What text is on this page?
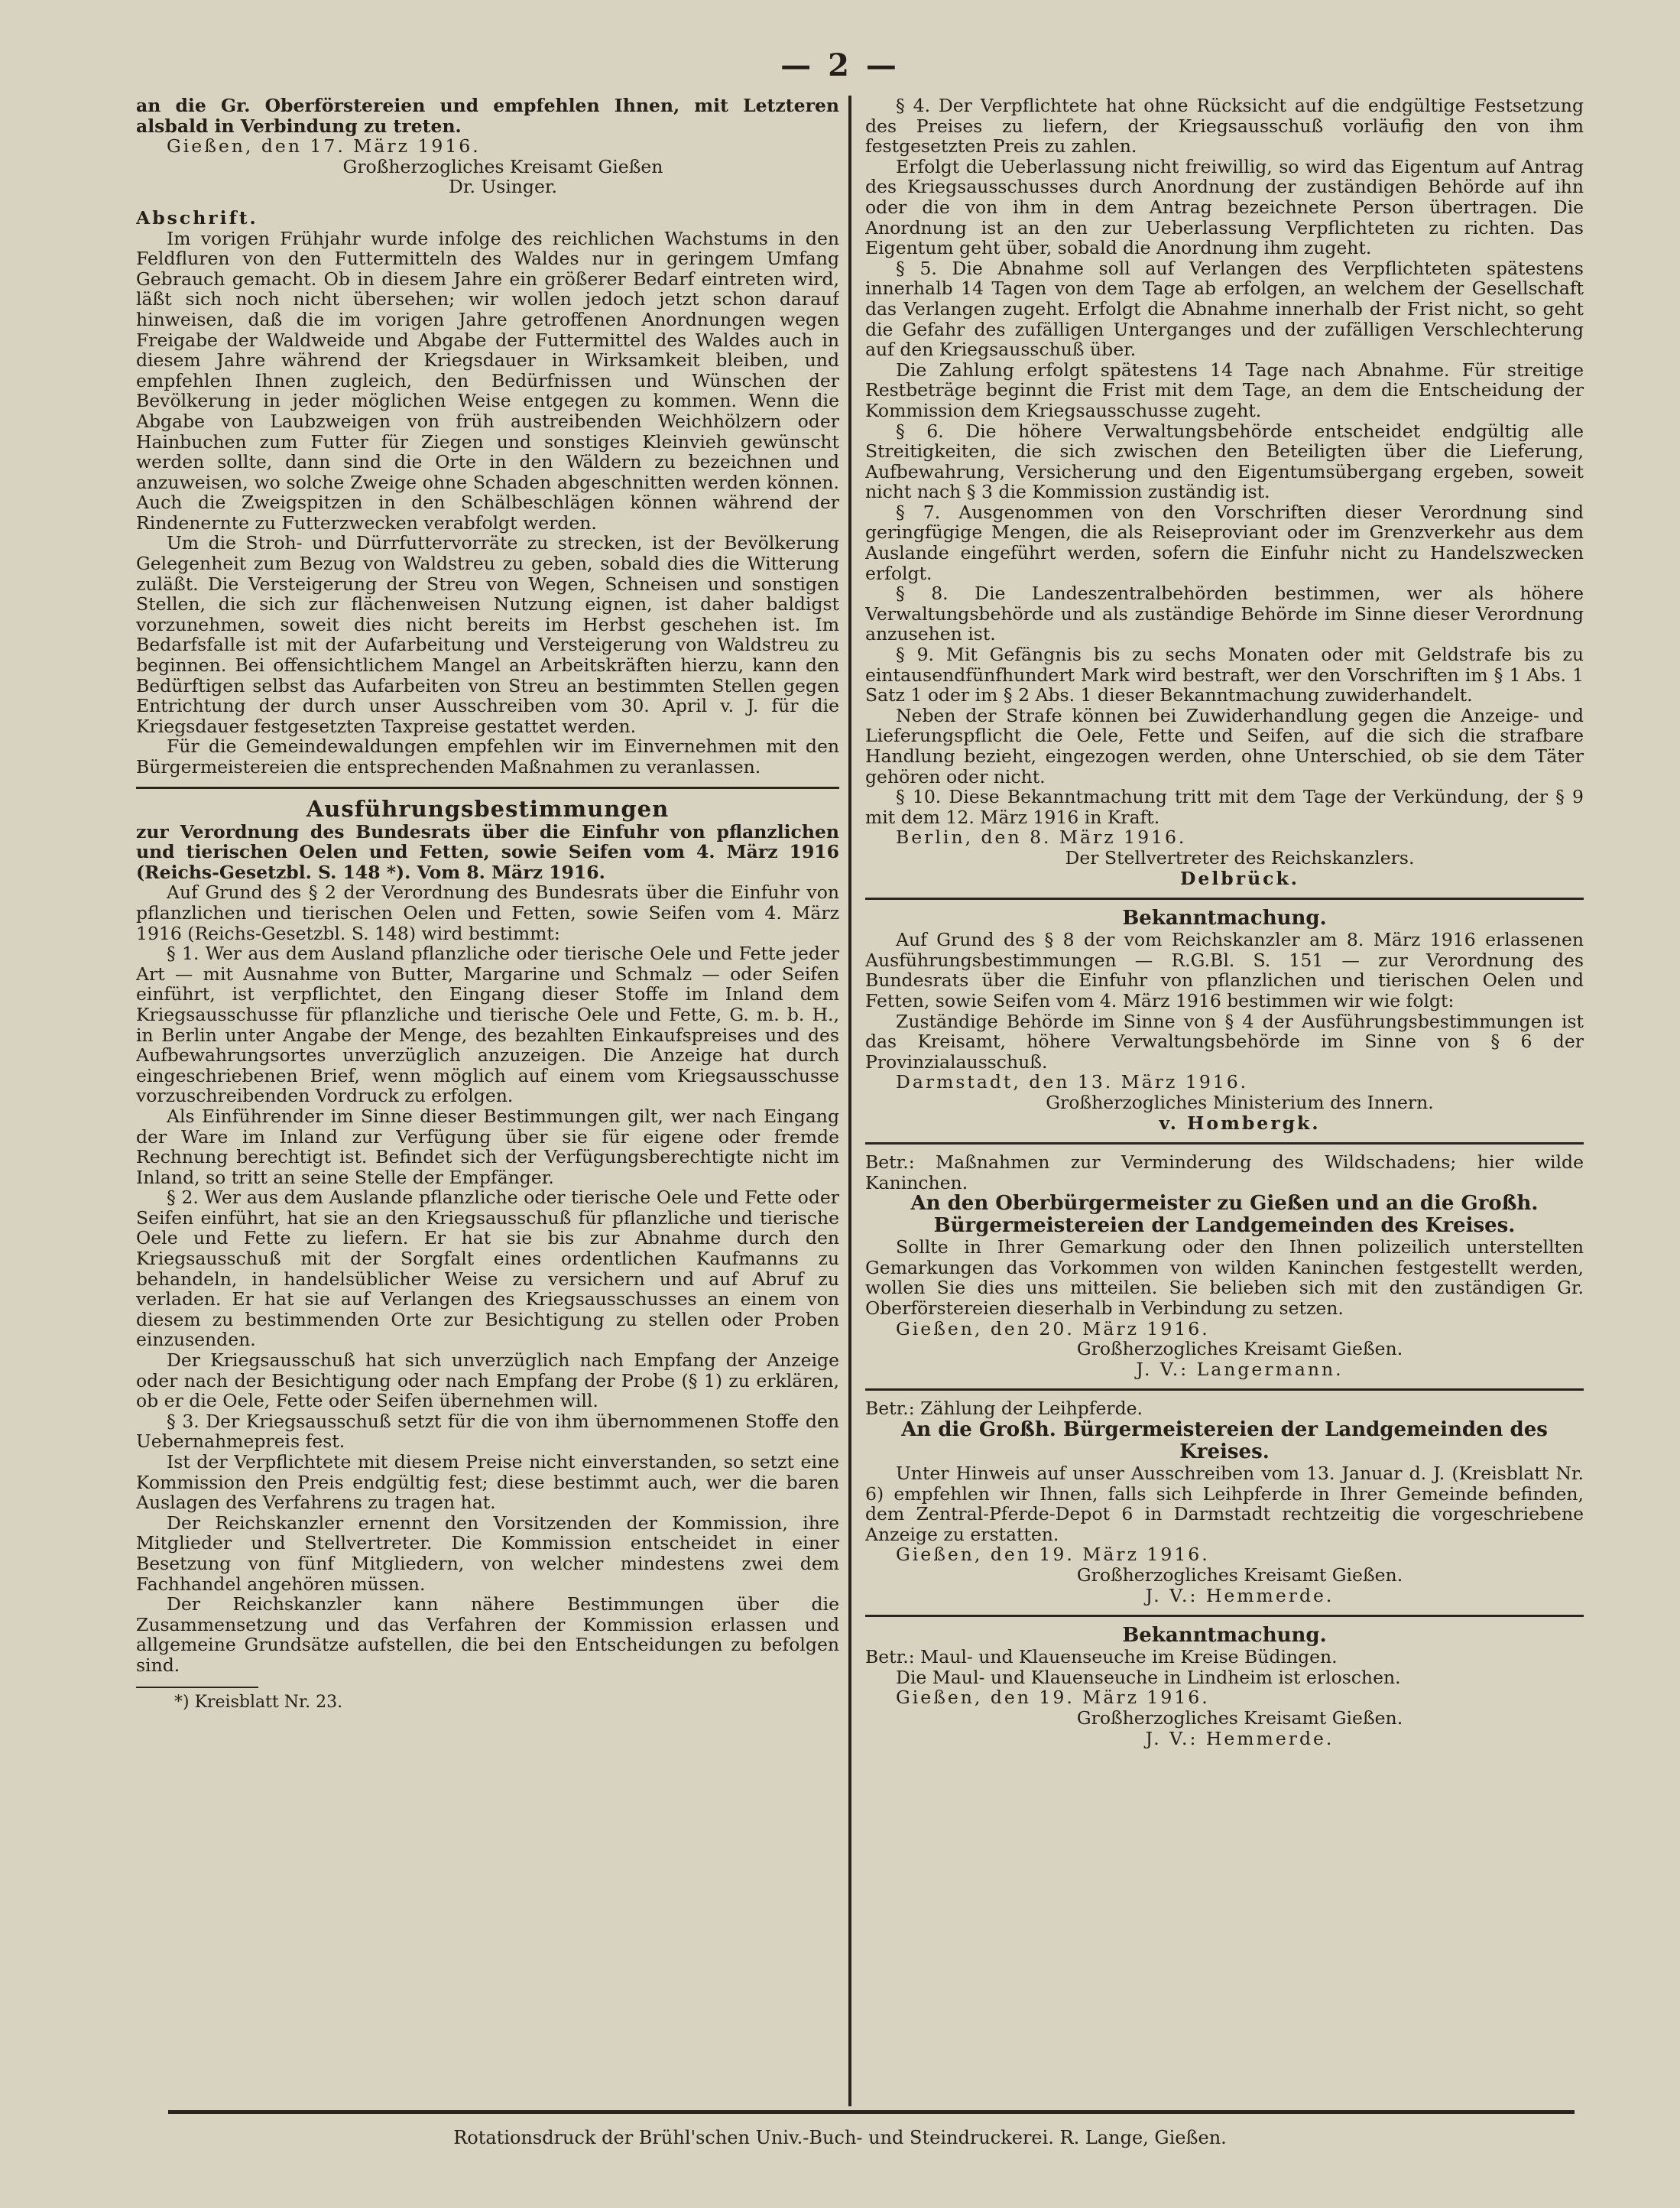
— 2 —

an die Gr. Oberförstereien und empfehlen Ihnen, mit Letzteren alsbald in Verbindung zu treten.

Gießen, den 17. März 1916.

Großherzogliches Kreisamt Gießen

Dr. Usinger.

Abschrift.

Im vorigen Frühjahr wurde infolge des reichlichen Wachstums in den Feldfluren von den Futtermitteln des Waldes nur in geringem Umfang Gebrauch gemacht. Ob in diesem Jahre ein größerer Bedarf eintreten wird, läßt sich noch nicht übersehen; wir wollen jedoch jetzt schon darauf hinweisen, daß die im vorigen Jahre getroffenen Anordnungen wegen Freigabe der Waldweide und Abgabe der Futtermittel des Waldes auch in diesem Jahre während der Kriegsdauer in Wirksamkeit bleiben, und empfehlen Ihnen zugleich, den Bedürfnissen und Wünschen der Bevölkerung in jeder möglichen Weise entgegen zu kommen. Wenn die Abgabe von Laubzweigen von früh austreibenden Weichhölzern oder Hainbuchen zum Futter für Ziegen und sonstiges Kleinvieh gewünscht werden sollte, dann sind die Orte in den Wäldern zu bezeichnen und anzuweisen, wo solche Zweige ohne Schaden abgeschnitten werden können. Auch die Zweigspitzen in den Schälbeschlägen können während der Rindenernte zu Futterzwecken verabfolgt werden.

Um die Stroh- und Dürrfuttervorräte zu strecken, ist der Bevölkerung Gelegenheit zum Bezug von Waldstreu zu geben, sobald dies die Witterung zuläßt. Die Versteigerung der Streu von Wegen, Schneisen und sonstigen Stellen, die sich zur flächenweisen Nutzung eignen, ist daher baldigst vorzunehmen, soweit dies nicht bereits im Herbst geschehen ist. Im Bedarfsfalle ist mit der Aufarbeitung und Versteigerung von Waldstreu zu beginnen. Bei offensichtlichem Mangel an Arbeitskräften hierzu, kann den Bedürftigen selbst das Aufarbeiten von Streu an bestimmten Stellen gegen Entrichtung der durch unser Ausschreiben vom 30. April v. J. für die Kriegsdauer festgesetzten Taxpreise gestattet werden.

Für die Gemeindewaldungen empfehlen wir im Einvernehmen mit den Bürgermeistereien die entsprechenden Maßnahmen zu veranlassen.

Ausführungsbestimmungen

zur Verordnung des Bundesrats über die Einfuhr von pflanzlichen und tierischen Oelen und Fetten, sowie Seifen vom 4. März 1916 (Reichs-Gesetzbl. S. 148 *). Vom 8. März 1916.

Auf Grund des § 2 der Verordnung des Bundesrats über die Einfuhr von pflanzlichen und tierischen Oelen und Fetten, sowie Seifen vom 4. März 1916 (Reichs-Gesetzbl. S. 148) wird bestimmt:

§ 1. Wer aus dem Ausland pflanzliche oder tierische Oele und Fette jeder Art — mit Ausnahme von Butter, Margarine und Schmalz — oder Seifen einführt, ist verpflichtet, den Eingang dieser Stoffe im Inland dem Kriegsausschusse für pflanzliche und tierische Oele und Fette, G. m. b. H., in Berlin unter Angabe der Menge, des bezahlten Einkaufspreises und des Aufbewahrungsortes unverzüglich anzuzeigen. Die Anzeige hat durch eingeschriebenen Brief, wenn möglich auf einem vom Kriegsausschusse vorzuschreibenden Vordruck zu erfolgen.

Als Einführender im Sinne dieser Bestimmungen gilt, wer nach Eingang der Ware im Inland zur Verfügung über sie für eigene oder fremde Rechnung berechtigt ist. Befindet sich der Verfügungsberechtigte nicht im Inland, so tritt an seine Stelle der Empfänger.

§ 2. Wer aus dem Auslande pflanzliche oder tierische Oele und Fette oder Seifen einführt, hat sie an den Kriegsausschuß für pflanzliche und tierische Oele und Fette zu liefern. Er hat sie bis zur Abnahme durch den Kriegsausschuß mit der Sorgfalt eines ordentlichen Kaufmanns zu behandeln, in handelsüblicher Weise zu versichern und auf Abruf zu verladen. Er hat sie auf Verlangen des Kriegsausschusses an einem von diesem zu bestimmenden Orte zur Besichtigung zu stellen oder Proben einzusenden.

Der Kriegsausschuß hat sich unverzüglich nach Empfang der Anzeige oder nach der Besichtigung oder nach Empfang der Probe (§ 1) zu erklären, ob er die Oele, Fette oder Seifen übernehmen will.

§ 3. Der Kriegsausschuß setzt für die von ihm übernommenen Stoffe den Uebernahmepreis fest.

Ist der Verpflichtete mit diesem Preise nicht einverstanden, so setzt eine Kommission den Preis endgültig fest; diese bestimmt auch, wer die baren Auslagen des Verfahrens zu tragen hat.

Der Reichskanzler ernennt den Vorsitzenden der Kommission, ihre Mitglieder und Stellvertreter. Die Kommission entscheidet in einer Besetzung von fünf Mitgliedern, von welcher mindestens zwei dem Fachhandel angehören müssen.

Der Reichskanzler kann nähere Bestimmungen über die Zusammensetzung und das Verfahren der Kommission erlassen und allgemeine Grundsätze aufstellen, die bei den Entscheidungen zu befolgen sind.

*) Kreisblatt Nr. 23.

§ 4. Der Verpflichtete hat ohne Rücksicht auf die endgültige Festsetzung des Preises zu liefern, der Kriegsausschuß vorläufig den von ihm festgesetzten Preis zu zahlen.

Erfolgt die Ueberlassung nicht freiwillig, so wird das Eigentum auf Antrag des Kriegsausschusses durch Anordnung der zuständigen Behörde auf ihn oder die von ihm in dem Antrag bezeichnete Person übertragen. Die Anordnung ist an den zur Ueberlassung Verpflichteten zu richten. Das Eigentum geht über, sobald die Anordnung ihm zugeht.

§ 5. Die Abnahme soll auf Verlangen des Verpflichteten spätestens innerhalb 14 Tagen von dem Tage ab erfolgen, an welchem der Gesellschaft das Verlangen zugeht. Erfolgt die Abnahme innerhalb der Frist nicht, so geht die Gefahr des zufälligen Unterganges und der zufälligen Verschlechterung auf den Kriegsausschuß über.

Die Zahlung erfolgt spätestens 14 Tage nach Abnahme. Für streitige Restbeträge beginnt die Frist mit dem Tage, an dem die Entscheidung der Kommission dem Kriegsausschusse zugeht.

§ 6. Die höhere Verwaltungsbehörde entscheidet endgültig alle Streitigkeiten, die sich zwischen den Beteiligten über die Lieferung, Aufbewahrung, Versicherung und den Eigentumsübergang ergeben, soweit nicht nach § 3 die Kommission zuständig ist.

§ 7. Ausgenommen von den Vorschriften dieser Verordnung sind geringfügige Mengen, die als Reiseproviant oder im Grenzverkehr aus dem Auslande eingeführt werden, sofern die Einfuhr nicht zu Handelszwecken erfolgt.

§ 8. Die Landeszentralbehörden bestimmen, wer als höhere Verwaltungsbehörde und als zuständige Behörde im Sinne dieser Verordnung anzusehen ist.

§ 9. Mit Gefängnis bis zu sechs Monaten oder mit Geldstrafe bis zu eintausendfünfhundert Mark wird bestraft, wer den Vorschriften im § 1 Abs. 1 Satz 1 oder im § 2 Abs. 1 dieser Bekanntmachung zuwiderhandelt.

Neben der Strafe können bei Zuwiderhandlung gegen die Anzeige- und Lieferungspflicht die Oele, Fette und Seifen, auf die sich die strafbare Handlung bezieht, eingezogen werden, ohne Unterschied, ob sie dem Täter gehören oder nicht.

§ 10. Diese Bekanntmachung tritt mit dem Tage der Verkündung, der § 9 mit dem 12. März 1916 in Kraft.

Berlin, den 8. März 1916.

Der Stellvertreter des Reichskanzlers.

Delbrück.

Bekanntmachung.

Auf Grund des § 8 der vom Reichskanzler am 8. März 1916 erlassenen Ausführungsbestimmungen — R.G.Bl. S. 151 — zur Verordnung des Bundesrats über die Einfuhr von pflanzlichen und tierischen Oelen und Fetten, sowie Seifen vom 4. März 1916 bestimmen wir wie folgt:

Zuständige Behörde im Sinne von § 4 der Ausführungsbestimmungen ist das Kreisamt, höhere Verwaltungsbehörde im Sinne von § 6 der Provinzialausschuß.

Darmstadt, den 13. März 1916.

Großherzogliches Ministerium des Innern.

v. Hombergk.

Betr.: Maßnahmen zur Verminderung des Wildschadens; hier wilde Kaninchen.

An den Oberbürgermeister zu Gießen und an die Großh. Bürgermeistereien der Landgemeinden des Kreises.

Sollte in Ihrer Gemarkung oder den Ihnen polizeilich unterstellten Gemarkungen das Vorkommen von wilden Kaninchen festgestellt werden, wollen Sie dies uns mitteilen. Sie belieben sich mit den zuständigen Gr. Oberförstereien dieserhalb in Verbindung zu setzen.

Gießen, den 20. März 1916.

Großherzogliches Kreisamt Gießen.

J. V.: Langermann.

Betr.: Zählung der Leihpferde.

An die Großh. Bürgermeistereien der Landgemeinden des Kreises.

Unter Hinweis auf unser Ausschreiben vom 13. Januar d. J. (Kreisblatt Nr. 6) empfehlen wir Ihnen, falls sich Leihpferde in Ihrer Gemeinde befinden, dem Zentral-Pferde-Depot 6 in Darmstadt rechtzeitig die vorgeschriebene Anzeige zu erstatten.

Gießen, den 19. März 1916.

Großherzogliches Kreisamt Gießen.

J. V.: Hemmerde.

Bekanntmachung.

Betr.: Maul- und Klauenseuche im Kreise Büdingen.

Die Maul- und Klauenseuche in Lindheim ist erloschen.

Gießen, den 19. März 1916.

Großherzogliches Kreisamt Gießen.

J. V.: Hemmerde.

Rotationsdruck der Brühl'schen Univ.-Buch- und Steindruckerei. R. Lange, Gießen.
